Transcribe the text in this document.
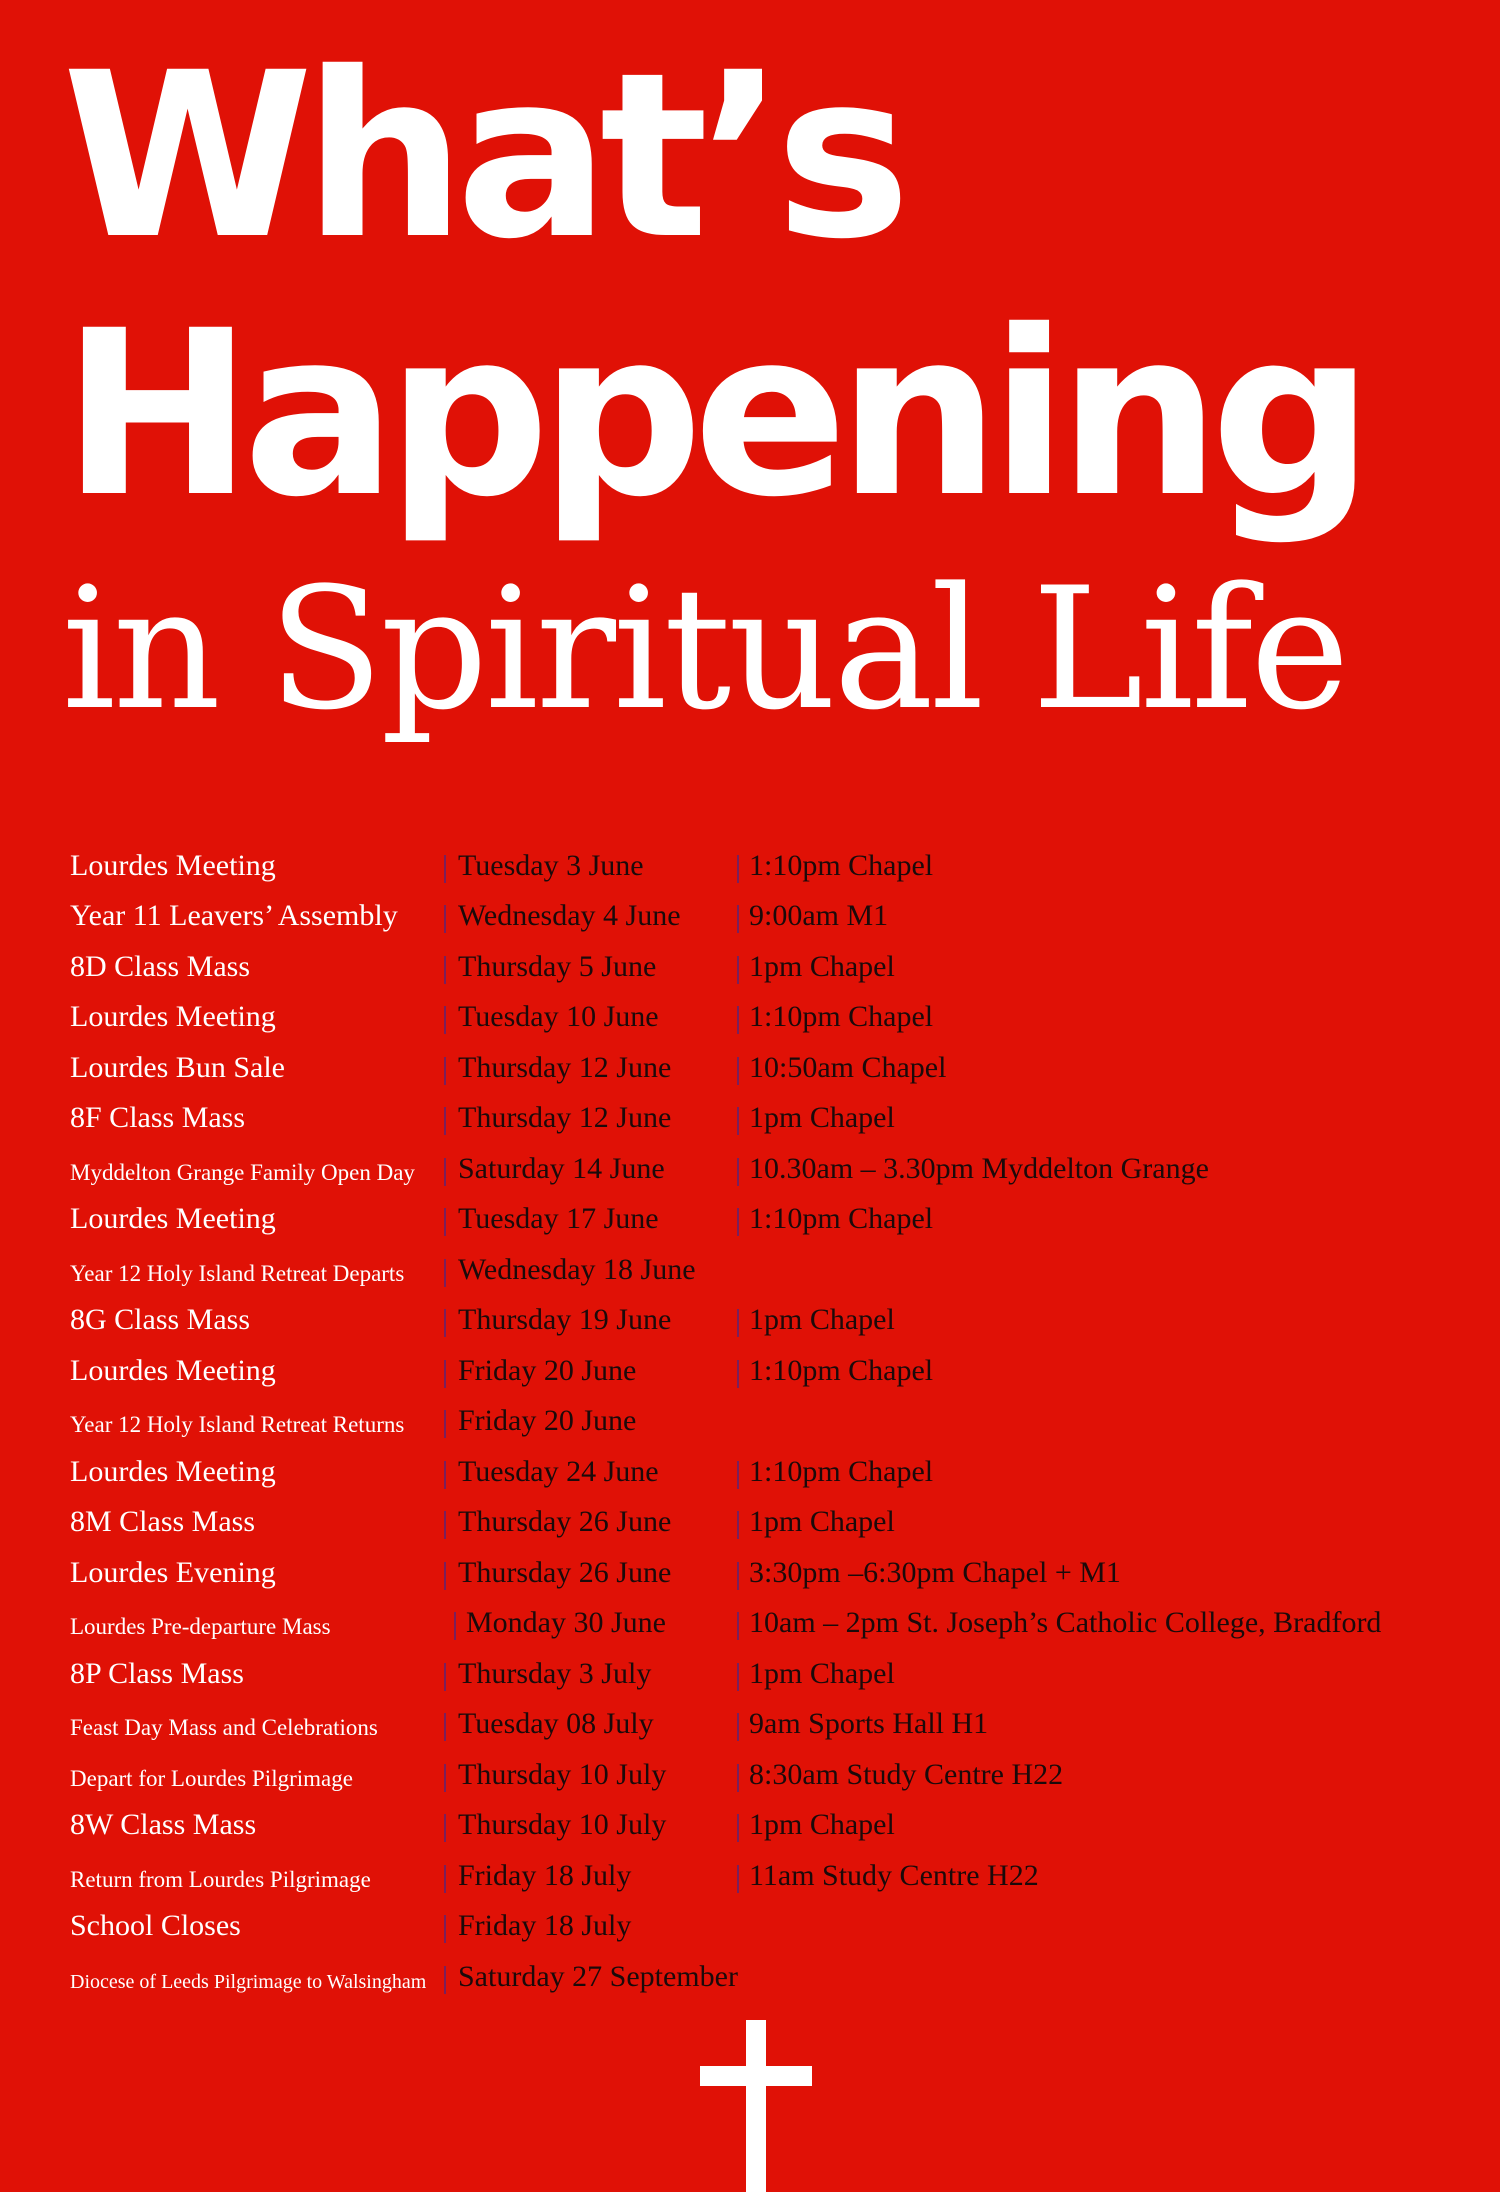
What’s
Happening
in Spiritual Life
Lourdes Meeting	Tuesday 3 June	1:10pm Chapel
Year 11 Leavers’ Assembly	Wednesday 4 June	9:00am M1
8D Class Mass	Thursday 5 June	1pm Chapel
Lourdes Meeting	Tuesday 10 June	1:10pm Chapel
Lourdes Bun Sale	Thursday 12 June	10:50am Chapel
8F Class Mass	Thursday 12 June	1pm Chapel
Myddelton Grange Family Open Day	Saturday 14 June	10.30am – 3.30pm Myddelton Grange
Lourdes Meeting	Tuesday 17 June	1:10pm Chapel
Year 12 Holy Island Retreat Departs	Wednesday 18 June
8G Class Mass	Thursday 19 June	1pm Chapel
Lourdes Meeting	Friday 20 June	1:10pm Chapel
Year 12 Holy Island Retreat Returns	Friday 20 June
Lourdes Meeting	Tuesday 24 June	1:10pm Chapel
8M Class Mass	Thursday 26 June	1pm Chapel
Lourdes Evening	Thursday 26 June	3:30pm –6:30pm Chapel + M1
Lourdes Pre-departure Mass	Monday 30 June	10am – 2pm St. Joseph’s Catholic College, Bradford
8P Class Mass	Thursday 3 July	1pm Chapel
Feast Day Mass and Celebrations	Tuesday 08 July	9am Sports Hall H1
Depart for Lourdes Pilgrimage	Thursday 10 July	8:30am Study Centre H22
8W Class Mass	Thursday 10 July	1pm Chapel
Return from Lourdes Pilgrimage	Friday 18 July	11am Study Centre H22
School Closes	Friday 18 July
Diocese of Leeds Pilgrimage to Walsingham	Saturday 27 September
